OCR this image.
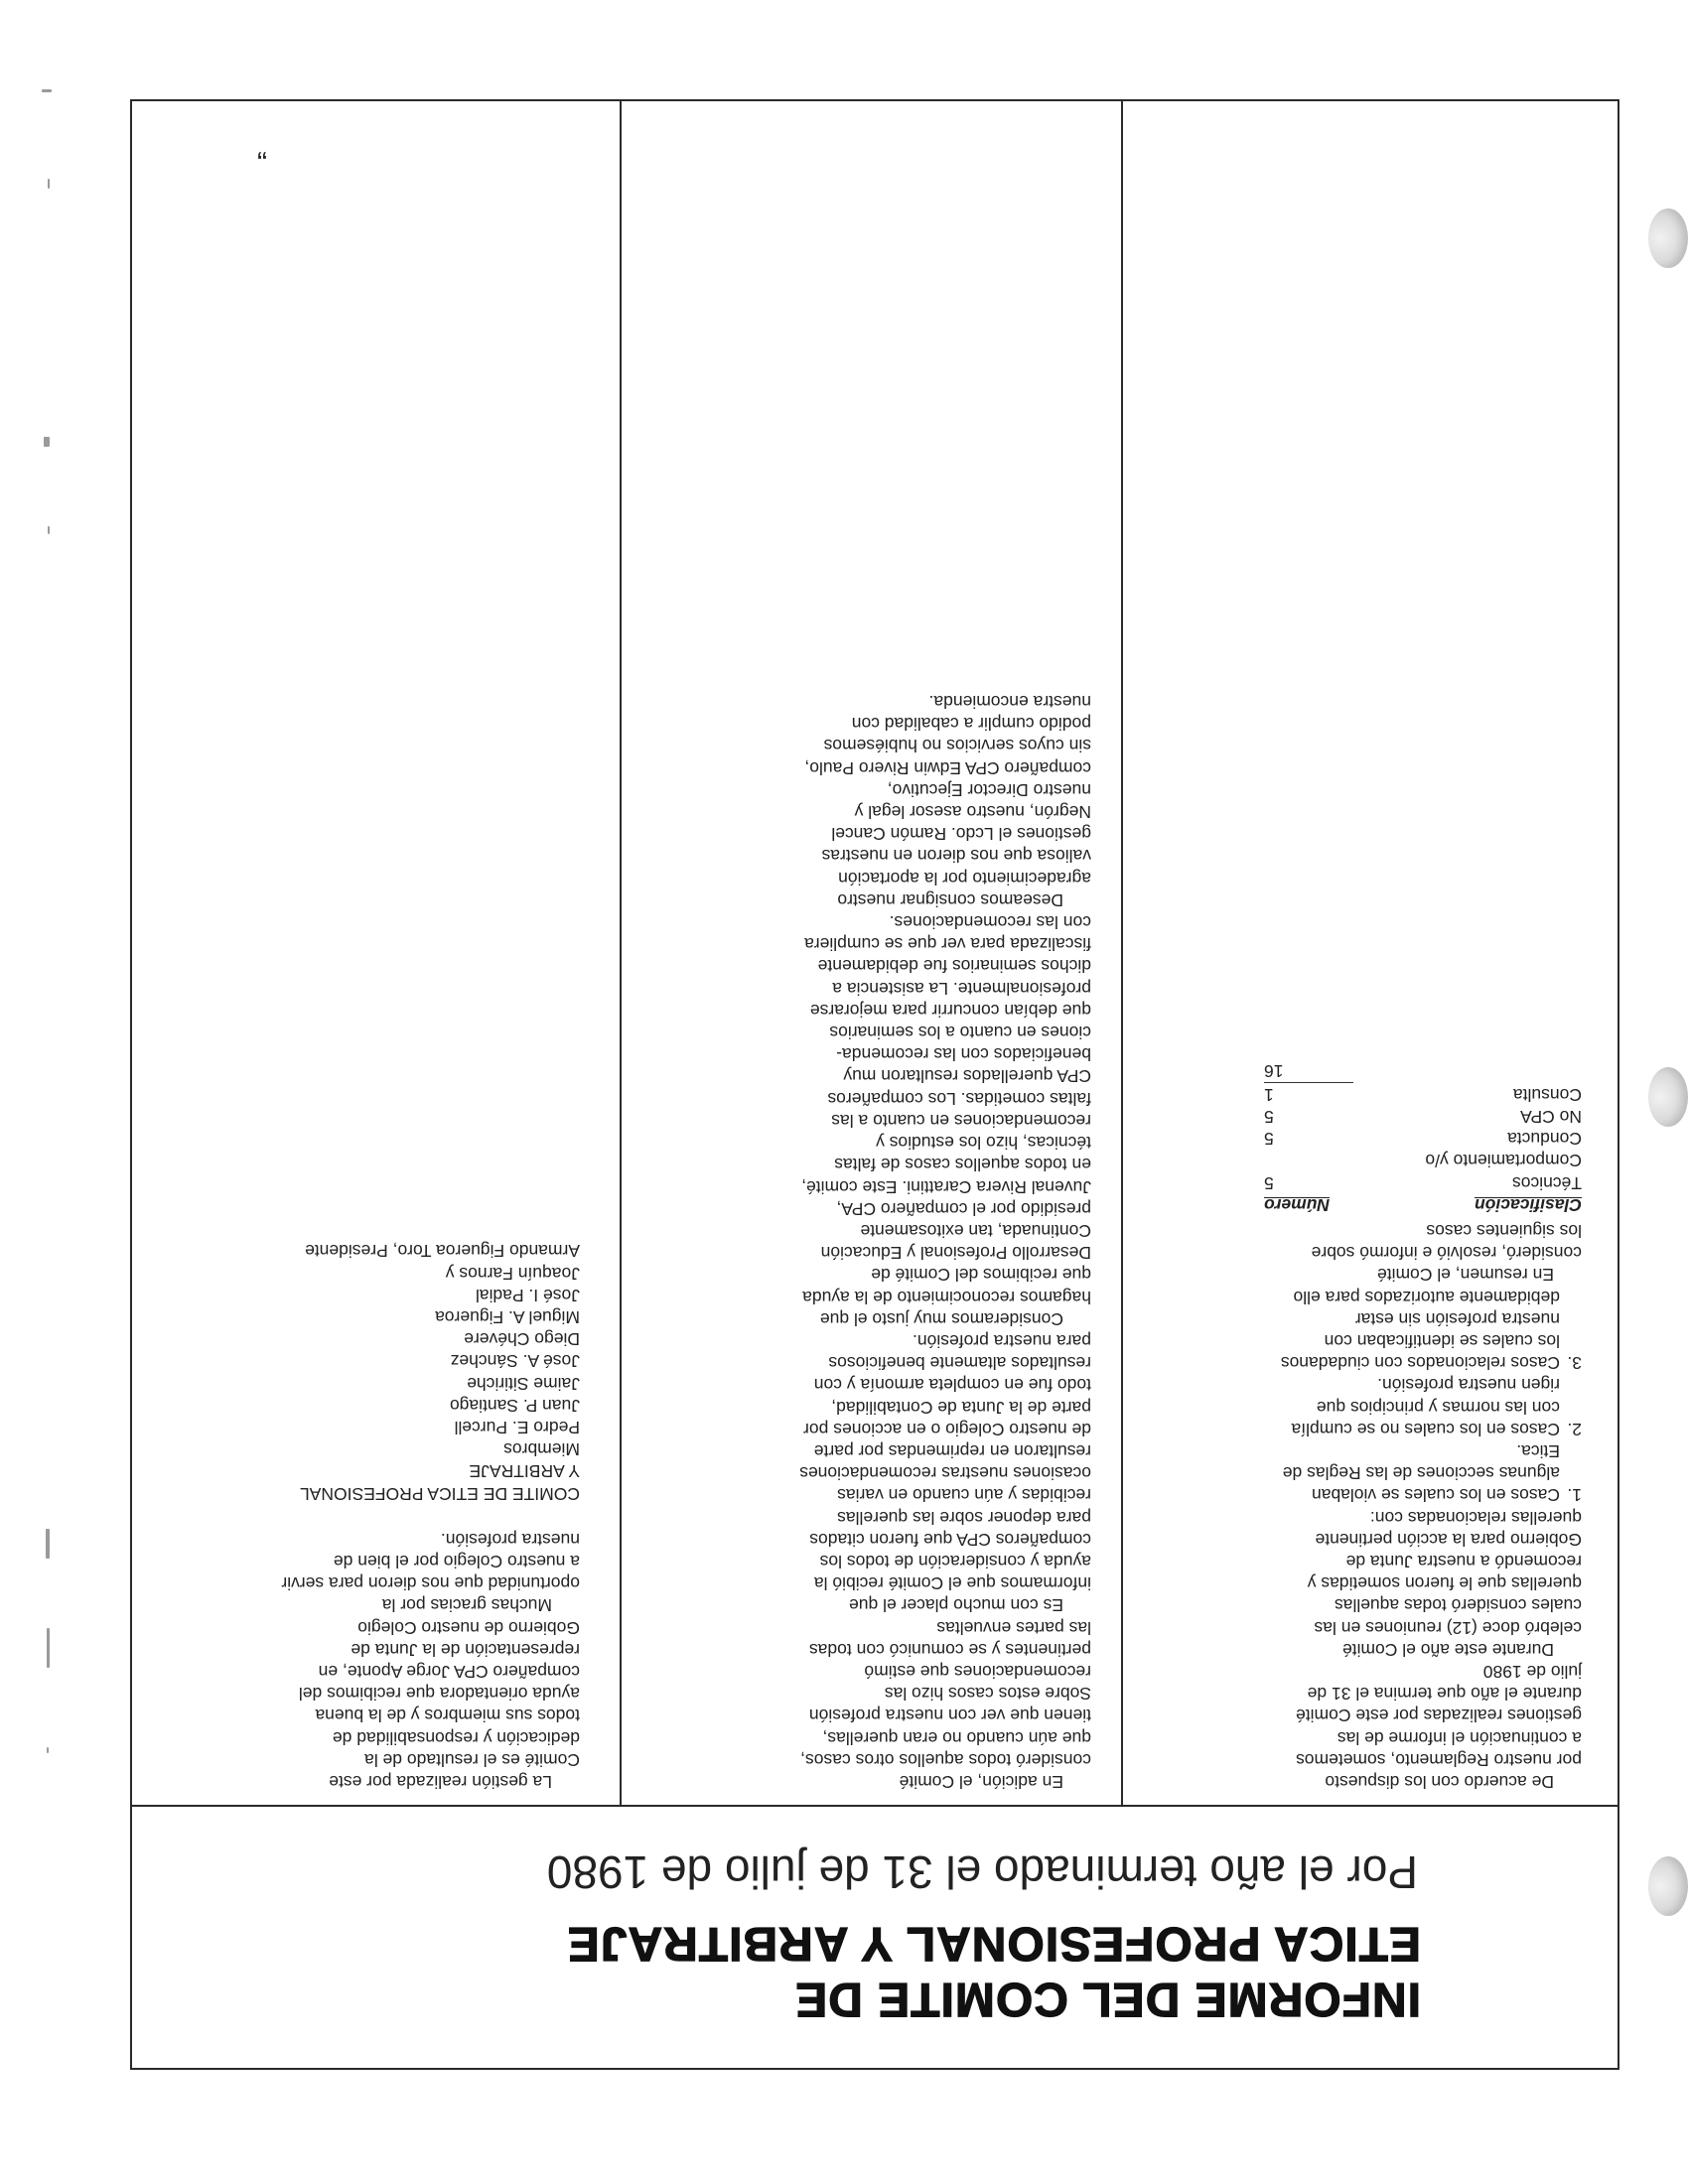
INFORME DEL COMITE DE
ETICA PROFESIONAL Y ARBITRAJE
Por el año terminado el 31 de julio de 1980

De acuerdo con los dispuesto

por nuestro Reglamento, sometemos

a continuación el informe de las

gestiones realizadas por este Comité

durante el año que termina el 31 de

julio de 1980

Durante este año el Comité

celebró doce (12) reuniones en las

cuales consideró todas aquellas

querellas que le fueron sometidas y

recomendó a nuestra Junta de

Gobierno para la acción pertinente

querellas relacionadas con:

1.

Casos en los cuales se violaban

algunas secciones de las Reglas de

Etica.

2.

Casos en los cuales no se cumplía

con las normas y principios que

rigen nuestra profesión.

3.

Casos relacionados con ciudadanos

los cuales se identificaban con

nuestra profesión sin estar

debidamente autorizados para ello

En resumen, el Comité

consideró, resolvió e informó sobre

los siguientes casos

Clasificación
Número
Técnicos
5
Comportamiento y/o
Conducta
5
No CPA
5
Consulta
1
16

En adición, el Comité

consideró todos aquellos otros casos,

que aún cuando no eran querellas,

tienen que ver con nuestra profesión

Sobre estos casos hizo las

recomendaciones que estimó

pertinentes y se comunicó con todas

las partes envueltas

Es con mucho placer el que

informamos que el Comité recibió la

ayuda y consideración de todos los

compañeros CPA que fueron citados

para deponer sobre las querellas

recibidas y aún cuando en varias

ocasiones nuestras recomendaciones

resultaron en reprimendas por parte

de nuestro Colegio o en acciones por

parte de la Junta de Contabilidad,

todo fue en completa armonía y con

resultados altamente beneficiosos

para nuestra profesión.

Consideramos muy justo el que

hagamos reconocimiento de la ayuda

que recibimos del Comité de

Desarrollo Profesional y Educación

Continuada, tan exitosamente

presidido por el compañero CPA,

Juvenal Rivera Carattini. Este comité,

en todos aquellos casos de faltas

técnicas, hizo los estudios y

recomendaciones en cuanto a las

faltas cometidas. Los compañeros

CPA querellados resultaron muy

beneficiados con las recomenda-

ciones en cuanto a los seminarios

que debían concurrir para mejorarse

profesionalmente. La asistencia a

dichos seminarios fue debidamente

fiscalizada para ver que se cumpliera

con las recomendaciones.

Deseamos consignar nuestro

agradecimiento por la aportación

valiosa que nos dieron en nuestras

gestiones el Lcdo. Ramón Cancel

Negrón, nuestro asesor legal y

nuestro Director Ejecutivo,

compañero CPA Edwin Rivero Paulo,

sin cuyos servicios no hubiésemos

podido cumplir a cabalidad con

nuestra encomienda.

La gestión realizada por este

Comité es el resultado de la

dedicación y responsabilidad de

todos sus miembros y de la buena

ayuda orientadora que recibimos del

compañero CPA Jorge Aponte, en

representación de la Junta de

Gobierno de nuestro Colegio

Muchas gracias por la

oportunidad que nos dieron para servir

a nuestro Colegio por el bien de

nuestra profesión.

COMITE DE ETICA PROFESIONAL

Y ARBITRAJE

Miembros

Pedro E. Purcell

Juan P. Santiago

Jaime Sitiriche

José A. Sánchez

Diego Chévere

Miguel A. Figueroa

José I. Padial

Joaquín Farnos y

Armando Figueroa Toro, Presidente

„
